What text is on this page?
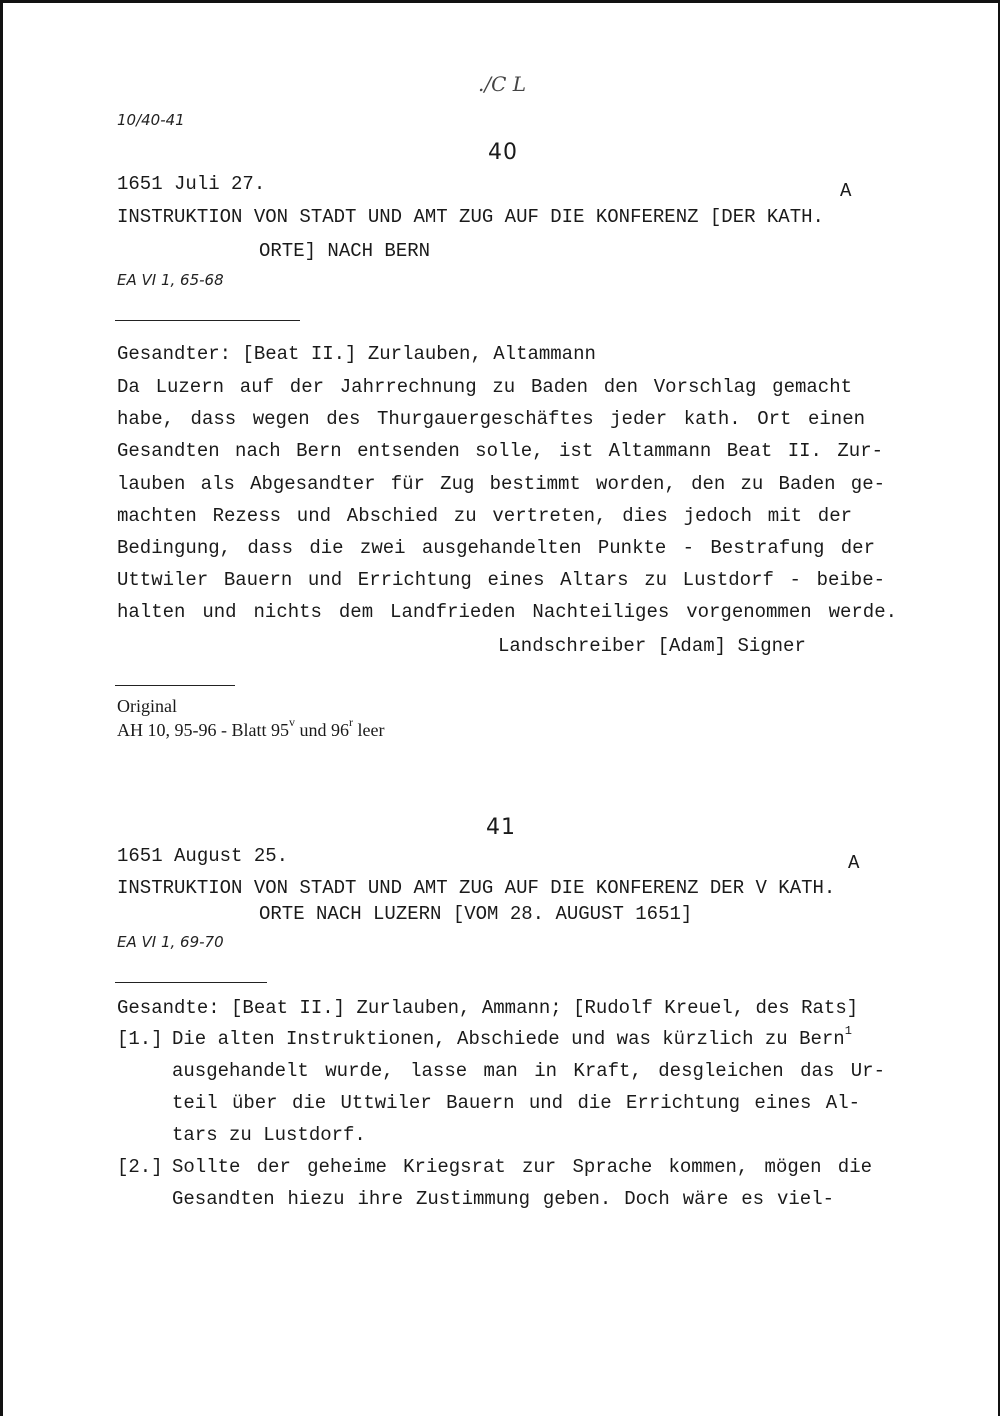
./C L
10/40-41
40
1651 Juli 27.	A
INSTRUKTION VON STADT UND AMT ZUG AUF DIE KONFERENZ [DER KATH.
ORTE] NACH BERN
EA VI 1, 65-68
Gesandter: [Beat II.] Zurlauben, Altammann
Da Luzern auf der Jahrrechnung zu Baden den Vorschlag gemacht
habe, dass wegen des Thurgauergeschäftes jeder kath. Ort einen
Gesandten nach Bern entsenden solle, ist Altammann Beat II. Zur-
lauben als Abgesandter für Zug bestimmt worden, den zu Baden ge-
machten Rezess und Abschied zu vertreten, dies jedoch mit der
Bedingung, dass die zwei ausgehandelten Punkte - Bestrafung der
Uttwiler Bauern und Errichtung eines Altars zu Lustdorf - beibe-
halten und nichts dem Landfrieden Nachteiliges vorgenommen werde.
Landschreiber [Adam] Signer
Original
AH 10, 95-96 - Blatt 95$^v$ und 96$^r$ leer
41
1651 August 25.	A
INSTRUKTION VON STADT UND AMT ZUG AUF DIE KONFERENZ DER V KATH.
ORTE NACH LUZERN [VOM 28. AUGUST 1651]
EA VI 1, 69-70
Gesandte: [Beat II.] Zurlauben, Ammann; [Rudolf Kreuel, des Rats]
[1.] Die alten Instruktionen, Abschiede und was kürzlich zu Bern$^1$
ausgehandelt wurde, lasse man in Kraft, desgleichen das Ur-
teil über die Uttwiler Bauern und die Errichtung eines Al-
tars zu Lustdorf.
[2.] Sollte der geheime Kriegsrat zur Sprache kommen, mögen die
Gesandten hiezu ihre Zustimmung geben. Doch wäre es viel-
